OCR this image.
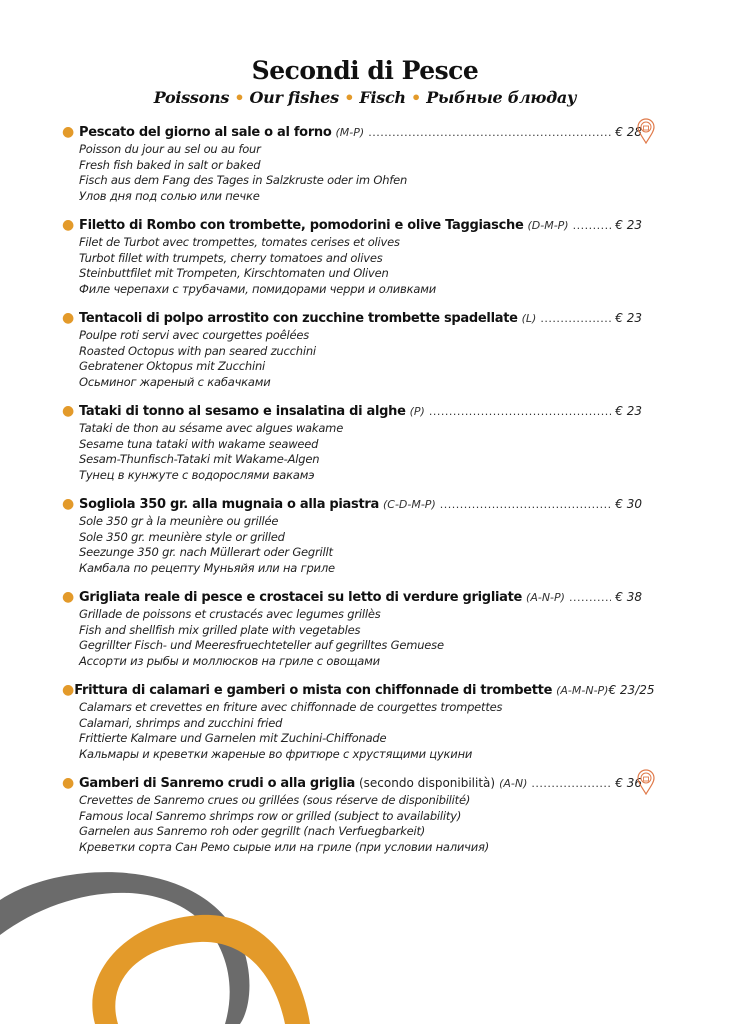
Secondi di Pesce
Poissons • Our fishes • Fisch • Рыбные блюдау
● Pescato del giorno al sale o al forno (M-P) .....	€ 28
Poisson du jour au sel ou au four
Fresh fish baked in salt or baked
Fisch aus dem Fang des Tages in Salzkruste oder im Ohfen
Улов дня под солью или печке
● Filetto di Rombo con trombette, pomodorini e olive Taggiasche (D-M-P) .....	€ 23
Filet de Turbot avec trompettes, tomates cerises et olives
Turbot fillet with trumpets, cherry tomatoes and olives
Steinbuttfilet mit Trompeten, Kirschtomaten und Oliven
Филе черепахи с трубачами, помидорами черри и оливками
● Tentacoli di polpo arrostito con zucchine trombette spadellate (L) .....	€ 23
Poulpe roti servi avec courgettes poêlées
Roasted Octopus with pan seared zucchini
Gebratener Oktopus mit Zucchini
Осьминог жареный с кабачками
● Tataki di tonno al sesamo e insalatina di alghe (P) .....	€ 23
Tataki de thon au sésame avec algues wakame
Sesame tuna tataki with wakame seaweed
Sesam-Thunfisch-Tataki mit Wakame-Algen
Тунец в кунжуте с водорослями вакамэ
● Sogliola 350 gr. alla mugnaia o alla piastra (C-D-M-P) .....	€ 30
Sole 350 gr à la meunière ou grillée
Sole 350 gr. meunière style or grilled
Seezunge 350 gr. nach Müllerart oder Gegrillt
Камбала по рецепту Муньяйя или на гриле
● Grigliata reale di pesce e crostacei su letto di verdure grigliate (A-N-P) .....	€ 38
Grillade de poissons et crustacés avec legumes grillès
Fish and shellfish mix grilled plate with vegetables
Gegrillter Fisch- und Meeresfruechteteller auf gegrilltes Gemuese
Ассорти из рыбы и моллюсков на гриле с овощами
● Frittura di calamari e gamberi o mista con chiffonnade di trombette (A-M-N-P) € 23/25
Calamars et crevettes en friture avec chiffonnade de courgettes trompettes
Calamari, shrimps and zucchini fried
Frittierte Kalmare und Garnelen mit Zuchini-Chiffonade
Кальмары и креветки жареные во фритюре с хрустящими цукини
● Gamberi di Sanremo crudi o alla griglia (secondo disponibilità) (A-N) .....	€ 36
Crevettes de Sanremo crues ou grillées (sous réserve de disponibilité)
Famous local Sanremo shrimps row or grilled (subject to availability)
Garnelen aus Sanremo roh oder gegrillt (nach Verfuegbarkeit)
Креветки сорта Сан Ремо сырые или на гриле (при условии наличия)
